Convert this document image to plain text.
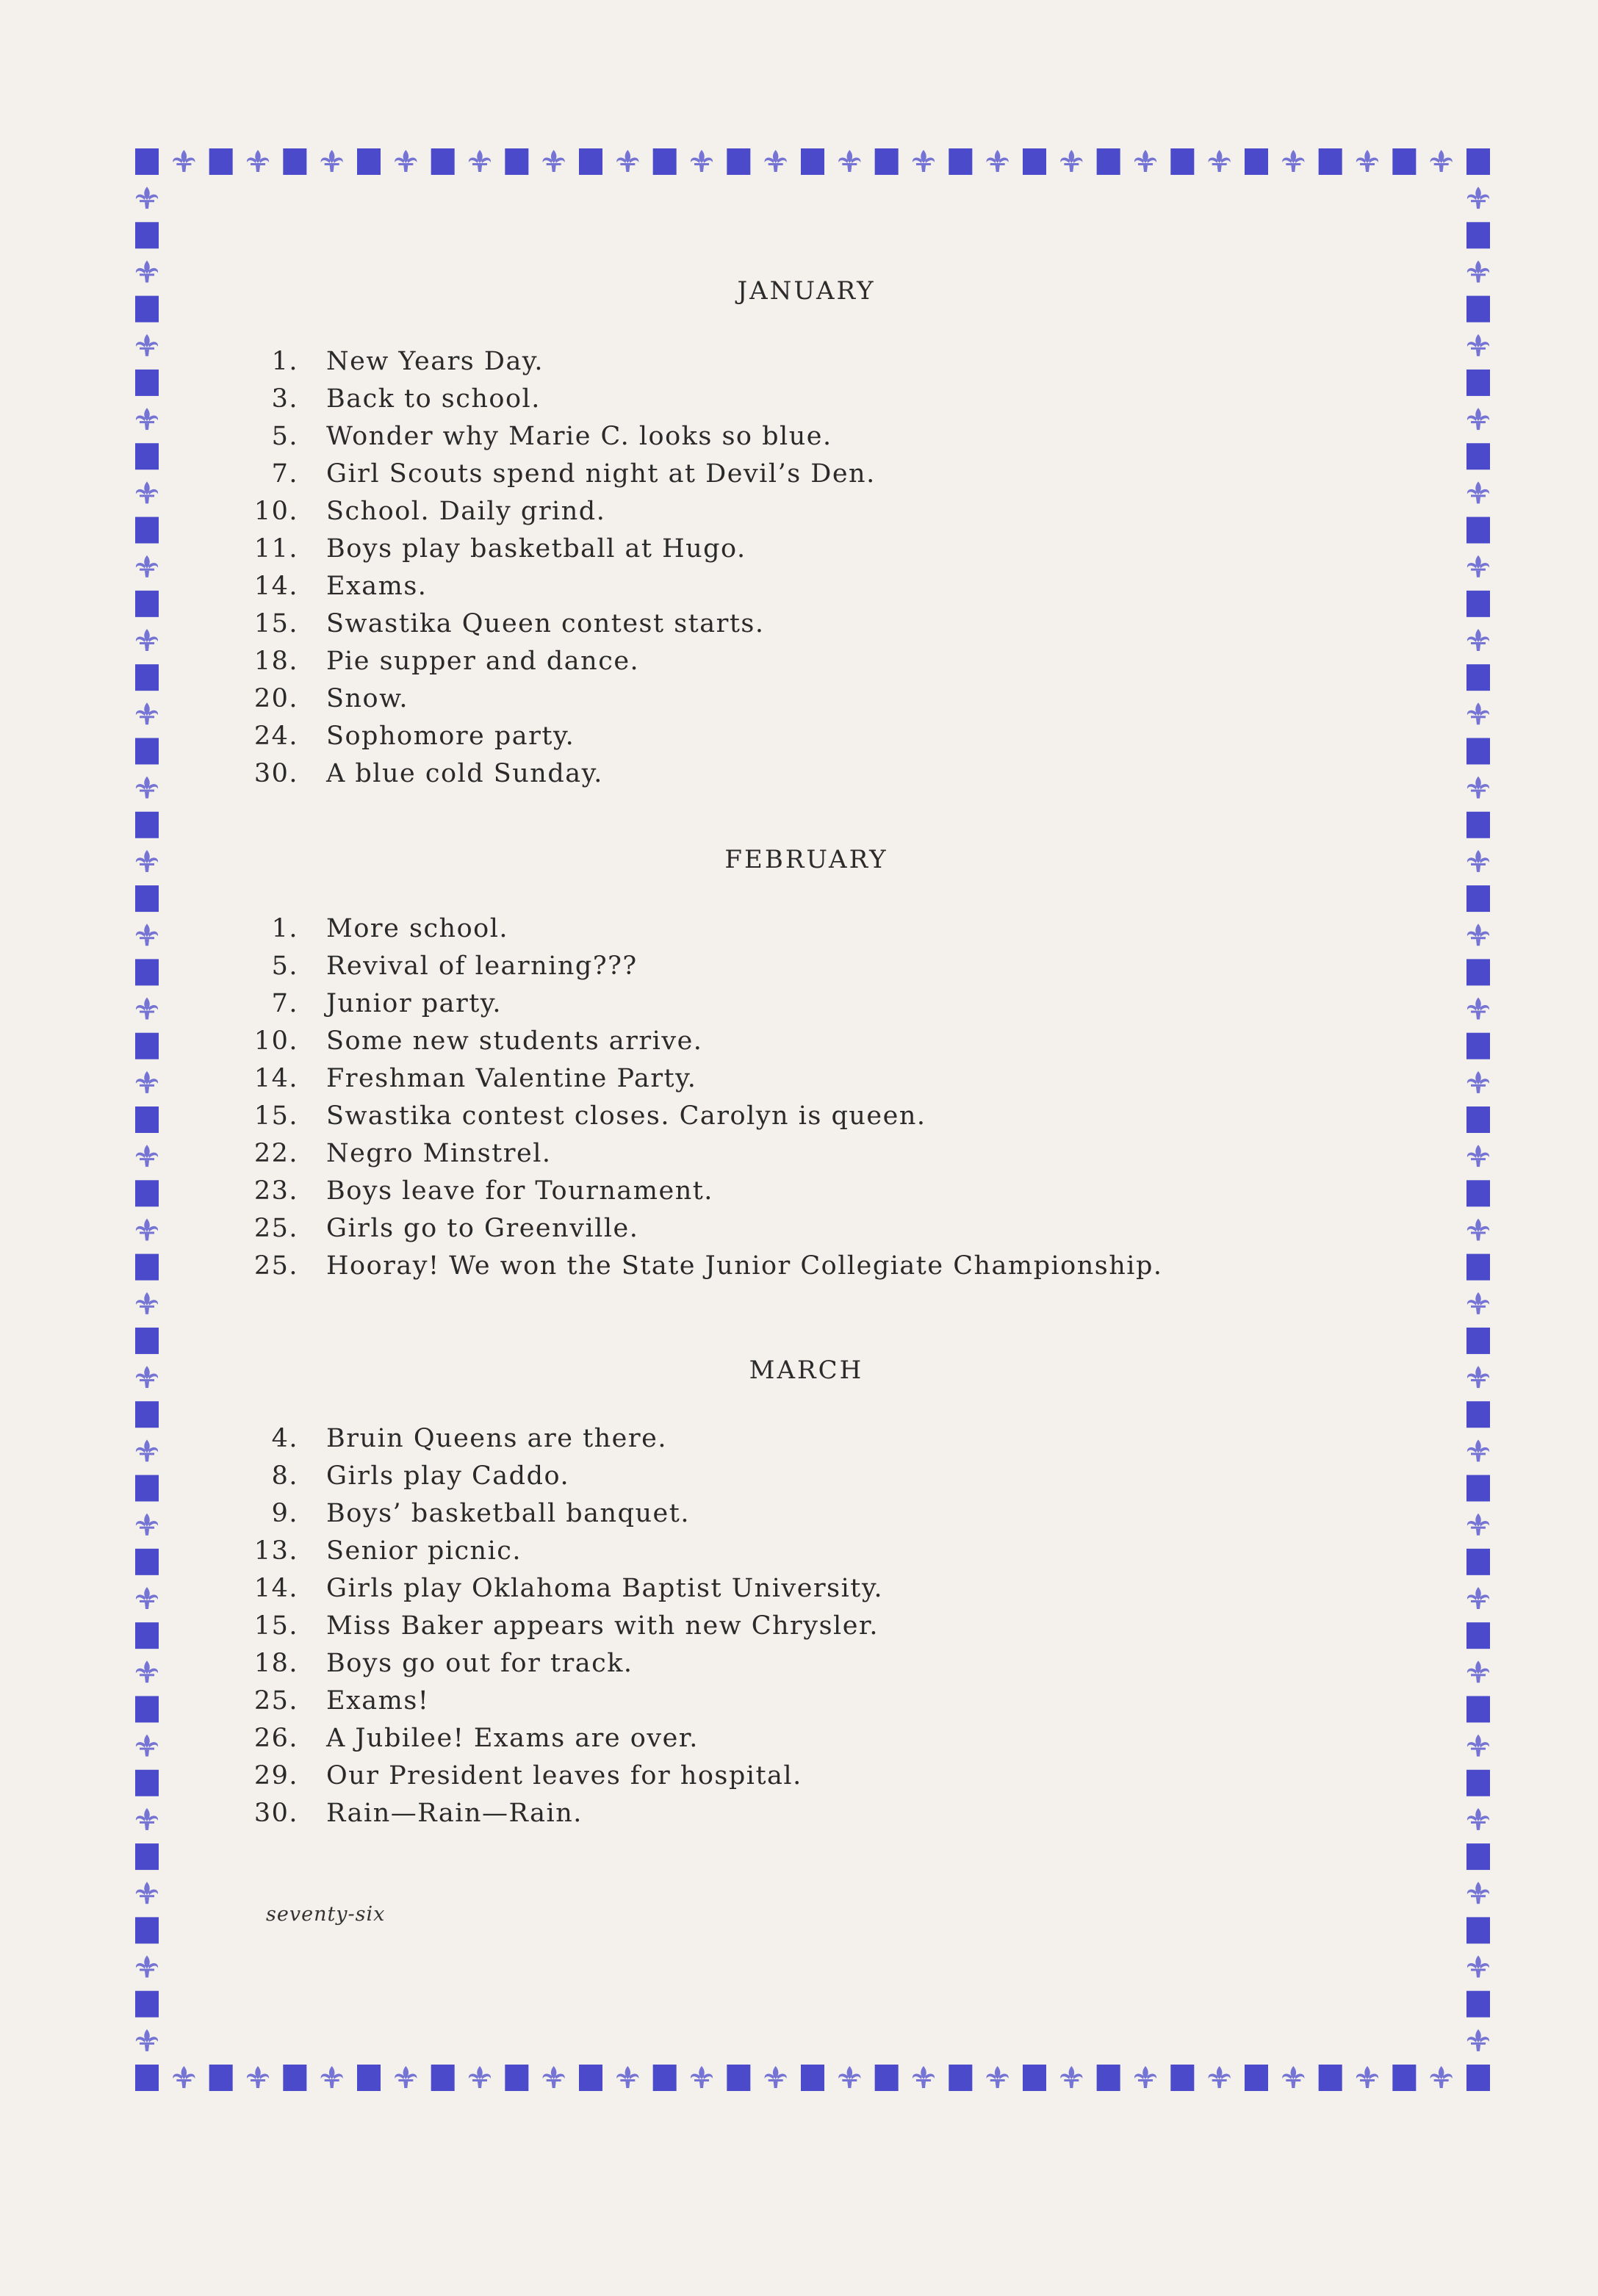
JANUARY
1. New Years Day.
3. Back to school.
5. Wonder why Marie C. looks so blue.
7. Girl Scouts spend night at Devil’s Den.
10. School. Daily grind.
11. Boys play basketball at Hugo.
14. Exams.
15. Swastika Queen contest starts.
18. Pie supper and dance.
20. Snow.
24. Sophomore party.
30. A blue cold Sunday.
FEBRUARY
1. More school.
5. Revival of learning???
7. Junior party.
10. Some new students arrive.
14. Freshman Valentine Party.
15. Swastika contest closes. Carolyn is queen.
22. Negro Minstrel.
23. Boys leave for Tournament.
25. Girls go to Greenville.
25. Hooray! We won the State Junior Collegiate Championship.
MARCH
4. Bruin Queens are there.
8. Girls play Caddo.
9. Boys’ basketball banquet.
13. Senior picnic.
14. Girls play Oklahoma Baptist University.
15. Miss Baker appears with new Chrysler.
18. Boys go out for track.
25. Exams!
26. A Jubilee! Exams are over.
29. Our President leaves for hospital.
30. Rain—Rain—Rain.
seventy-six
